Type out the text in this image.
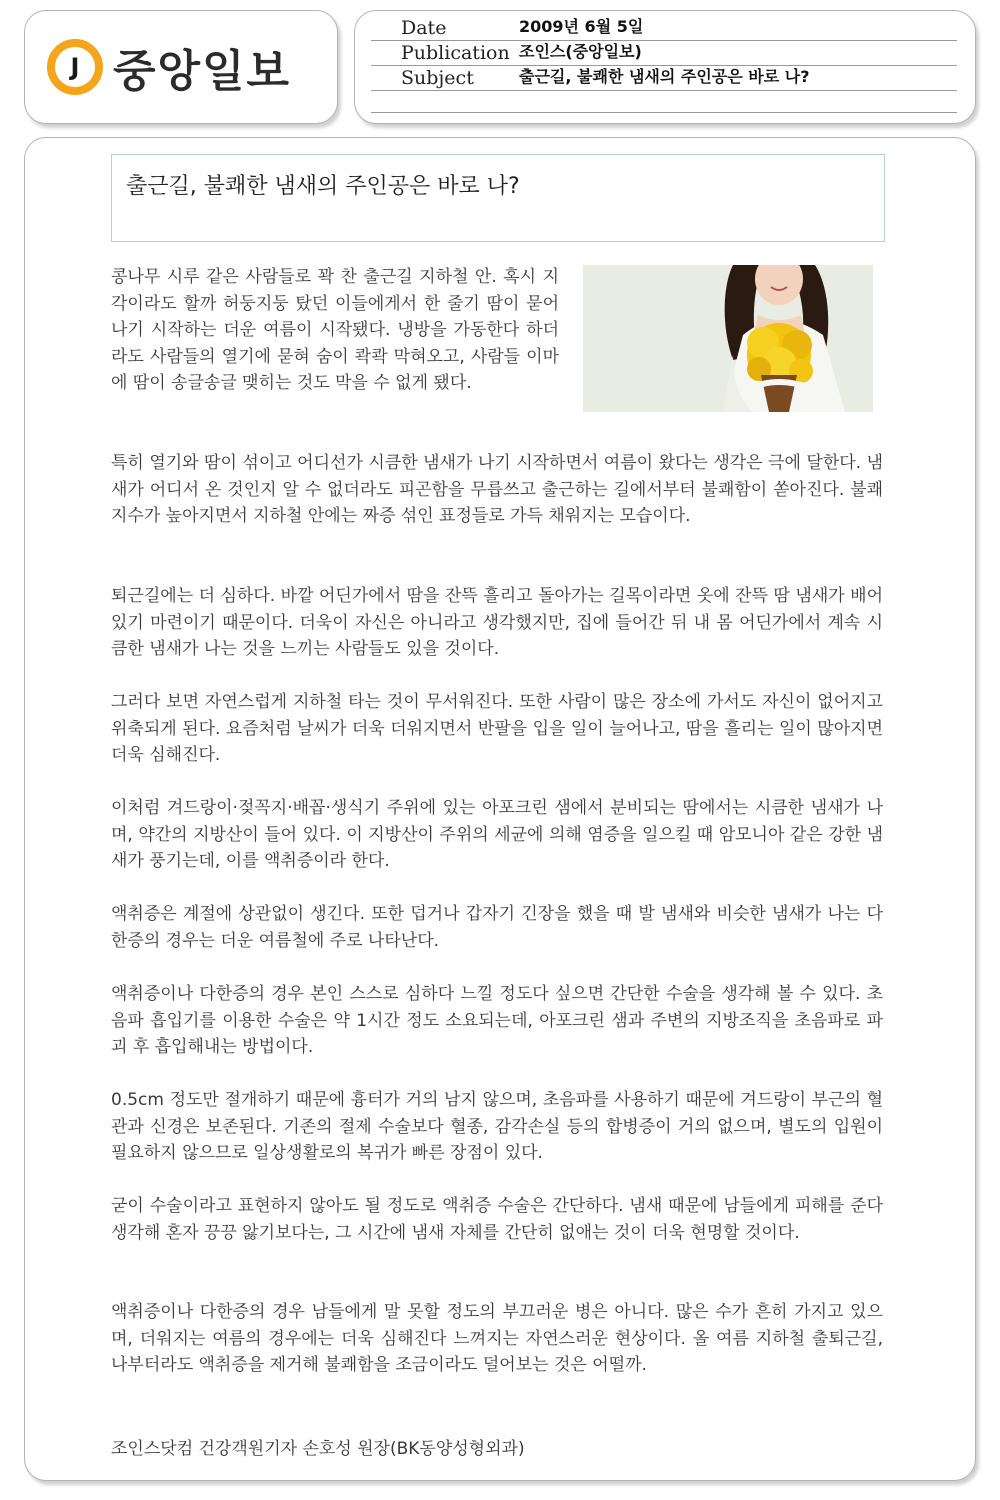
J 중앙일보
Date	2009년 6월 5일
Publication 조인스(중앙일보)
Subject	출근길, 불쾌한 냄새의 주인공은 바로 나?
출근길, 불쾌한 냄새의 주인공은 바로 나?

콩나무 시루 같은 사람들로 꽉 찬 출근길 지하철 안. 혹시 지각이라도 할까 허둥지둥 탔던 이들에게서 한 줄기 땀이 묻어나기 시작하는 더운 여름이 시작됐다. 냉방을 가동한다 하더라도 사람들의 열기에 묻혀 숨이 콱콱 막혀오고, 사람들 이마에 땀이 송글송글 맺히는 것도 막을 수 없게 됐다.

특히 열기와 땀이 섞이고 어디선가 시큼한 냄새가 나기 시작하면서 여름이 왔다는 생각은 극에 달한다. 냄새가 어디서 온 것인지 알 수 없더라도 피곤함을 무릅쓰고 출근하는 길에서부터 불쾌함이 쏟아진다. 불쾌지수가 높아지면서 지하철 안에는 짜증 섞인 표정들로 가득 채워지는 모습이다.

퇴근길에는 더 심하다. 바깥 어딘가에서 땀을 잔뜩 흘리고 돌아가는 길목이라면 옷에 잔뜩 땀 냄새가 배어있기 마련이기 때문이다. 더욱이 자신은 아니라고 생각했지만, 집에 들어간 뒤 내 몸 어딘가에서 계속 시큼한 냄새가 나는 것을 느끼는 사람들도 있을 것이다.

그러다 보면 자연스럽게 지하철 타는 것이 무서워진다. 또한 사람이 많은 장소에 가서도 자신이 없어지고 위축되게 된다. 요즘처럼 날씨가 더욱 더워지면서 반팔을 입을 일이 늘어나고, 땀을 흘리는 일이 많아지면 더욱 심해진다.

이처럼 겨드랑이·젖꼭지·배꼽·생식기 주위에 있는 아포크린 샘에서 분비되는 땀에서는 시큼한 냄새가 나며, 약간의 지방산이 들어 있다. 이 지방산이 주위의 세균에 의해 염증을 일으킬 때 암모니아 같은 강한 냄새가 풍기는데, 이를 액취증이라 한다.

액취증은 계절에 상관없이 생긴다. 또한 덥거나 갑자기 긴장을 했을 때 발 냄새와 비슷한 냄새가 나는 다한증의 경우는 더운 여름철에 주로 나타난다.

액취증이나 다한증의 경우 본인 스스로 심하다 느낄 정도다 싶으면 간단한 수술을 생각해 볼 수 있다. 초음파 흡입기를 이용한 수술은 약 1시간 정도 소요되는데, 아포크린 샘과 주변의 지방조직을 초음파로 파괴 후 흡입해내는 방법이다.

0.5cm 정도만 절개하기 때문에 흉터가 거의 남지 않으며, 초음파를 사용하기 때문에 겨드랑이 부근의 혈관과 신경은 보존된다. 기존의 절제 수술보다 혈종, 감각손실 등의 합병증이 거의 없으며, 별도의 입원이 필요하지 않으므로 일상생활로의 복귀가 빠른 장점이 있다.

굳이 수술이라고 표현하지 않아도 될 정도로 액취증 수술은 간단하다. 냄새 때문에 남들에게 피해를 준다 생각해 혼자 끙끙 앓기보다는, 그 시간에 냄새 자체를 간단히 없애는 것이 더욱 현명할 것이다.

액취증이나 다한증의 경우 남들에게 말 못할 정도의 부끄러운 병은 아니다. 많은 수가 흔히 가지고 있으며, 더워지는 여름의 경우에는 더욱 심해진다 느껴지는 자연스러운 현상이다. 올 여름 지하철 출퇴근길, 나부터라도 액취증을 제거해 불쾌함을 조금이라도 덜어보는 것은 어떨까.

조인스닷컴 건강객원기자 손호성 원장(BK동양성형외과)
